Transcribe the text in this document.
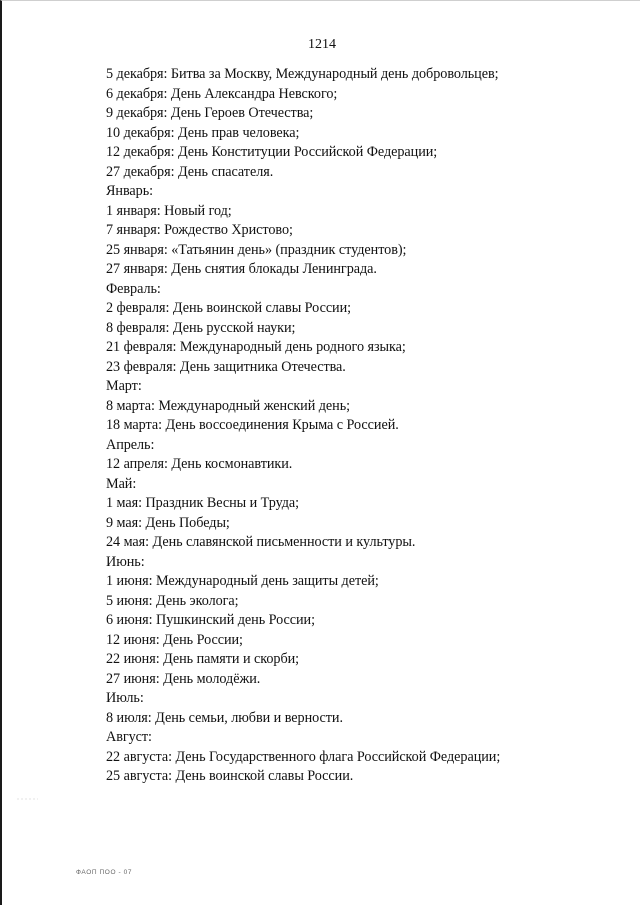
1214
5 декабря: Битва за Москву, Международный день добровольцев;
6 декабря: День Александра Невского;
9 декабря: День Героев Отечества;
10 декабря: День прав человека;
12 декабря: День Конституции Российской Федерации;
27 декабря: День спасателя.
Январь:
1 января: Новый год;
7 января: Рождество Христово;
25 января: «Татьянин день» (праздник студентов);
27 января: День снятия блокады Ленинграда.
Февраль:
2 февраля: День воинской славы России;
8 февраля: День русской науки;
21 февраля: Международный день родного языка;
23 февраля: День защитника Отечества.
Март:
8 марта: Международный женский день;
18 марта: День воссоединения Крыма с Россией.
Апрель:
12 апреля: День космонавтики.
Май:
1 мая: Праздник Весны и Труда;
9 мая: День Победы;
24 мая: День славянской письменности и культуры.
Июнь:
1 июня: Международный день защиты детей;
5 июня: День эколога;
6 июня: Пушкинский день России;
12 июня: День России;
22 июня: День памяти и скорби;
27 июня: День молодёжи.
Июль:
8 июля: День семьи, любви и верности.
Август:
22 августа: День Государственного флага Российской Федерации;
25 августа: День воинской славы России.
ФАОП ПОО - 07
